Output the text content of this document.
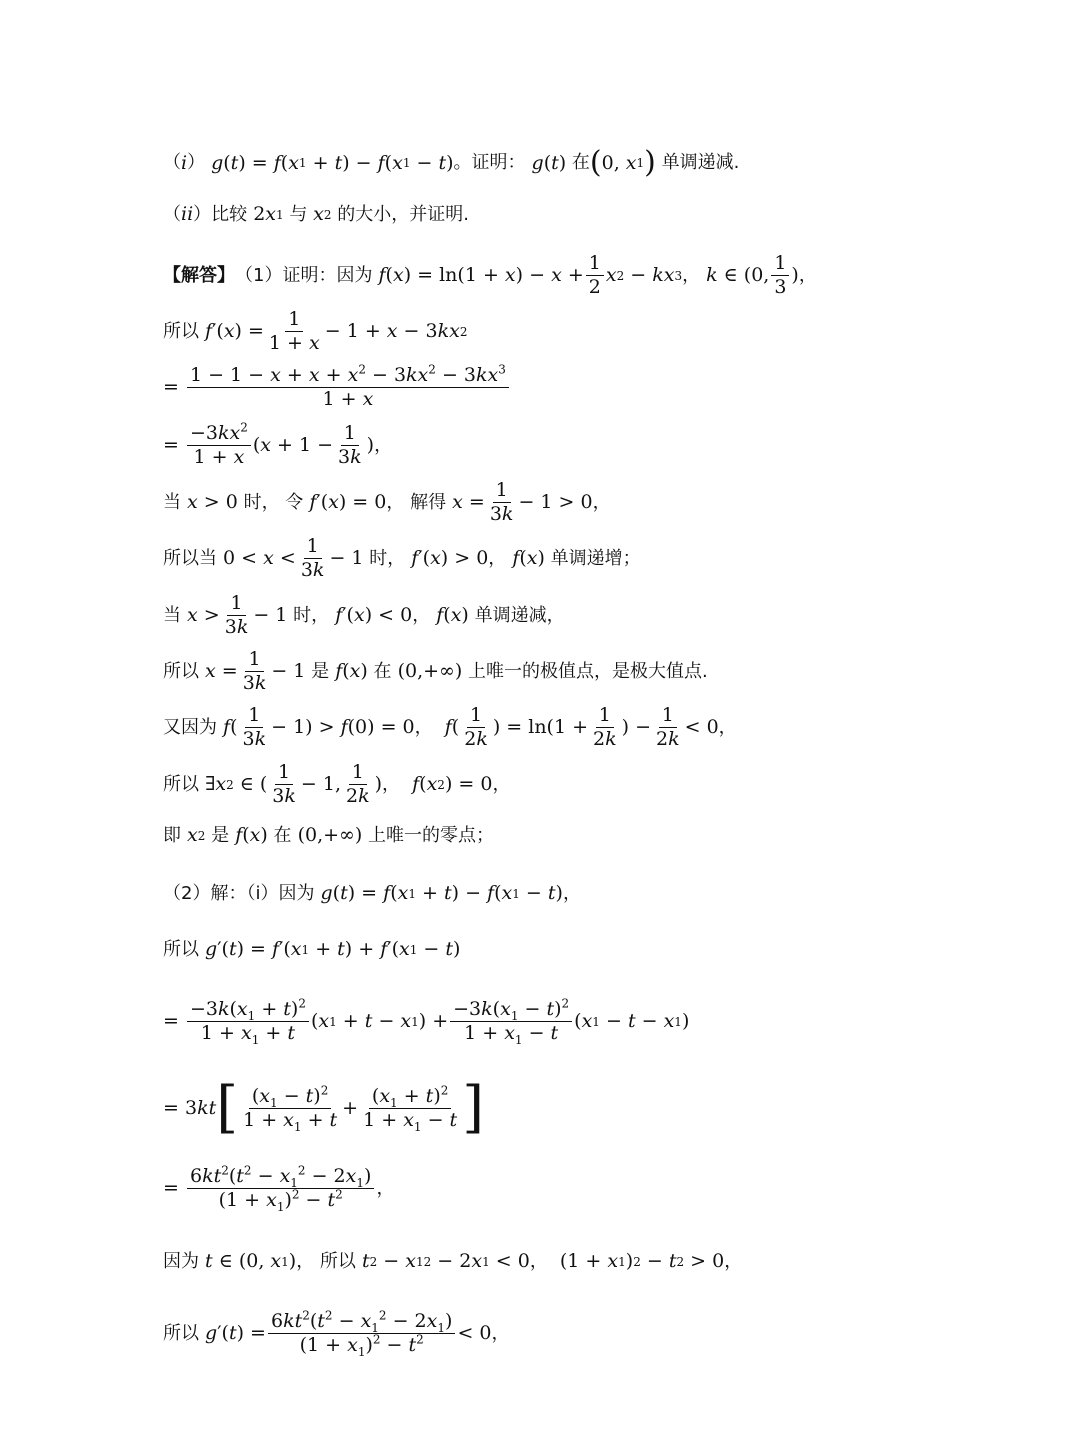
（ i ） g ( t ) = f ( x 1 + t ) − f ( x 1 − t ) 。证明： g ( t ) 在 ( 0, x 1 ) 单调递减.
（ ii ）比较 2 x 1 与 x 2 的大小，并证明.
【解答】 （1）证明：因为
f ( x ) = ln(1 + x ) − $x + \frac{1}{2}$ x 2 − kx 3 ，
k ∈ (0, $\frac{1}{3}$ ) ，
所以
f ′( x ) = $\frac{1}{1 + x} - 1 + x - 3$ kx 2
= $\frac{1 - 1 - x + x + x^2 - 3kx^2 - 3kx^3}{1 + x}$
= $\frac{-3kx^2}{1 + x}$ ( $x + 1 - \frac{1}{3k}$ ) ，
当
x > 0 时， 令
f ′( x ) = 0 ， 解得
$x = \frac{1}{3k} - 1 > 0$ ，
所以当 $0 < x < \frac{1}{3k} - 1$ 时，
f ′( x ) > 0 ，
f ( x ) 单调递增；
当
$x > \frac{1}{3k} - 1$ 时，
f ′( x ) < 0 ，
f ( x ) 单调递减，
所以
$x = \frac{1}{3k} - 1$ 是
f ( x ) 在 (0,+∞) 上唯一的极值点，是极大值点.
又因为
f ( $\frac{1}{3k} - 1) > f$ (0) = 0 ，
f ( $\frac{1}{2k}$ ) = $\ln(1 + \frac{1}{2k}$ ) − $\frac{1}{2k} < 0$ ，
所以 ∃ x 2 ∈ ( $\frac{1}{3k} - 1$, $\frac{1}{2k}$ ) ，
f ( x 2 ) = 0 ，
即
x 2 是
f ( x ) 在 (0,+∞) 上唯一的零点；
（2）解：（i）因为
g ( t ) = f ( x 1 + t ) − f ( x 1 − t ) ，
所以
g ′( t ) = f ′( x 1 + t ) + f ′( x 1 − t )
= $\frac{-3k(x_1 + t)^2}{1 + x_1 + t}$ ( x 1 + t − x 1 ) + $\frac{-3k(x_1 - t)^2}{1 + x_1 - t}$ ( x 1 − t − x 1 )
= 3 kt [ $\frac{(x_1 - t)^2}{1 + x_1 + t} + \frac{(x_1 + t)^2}{1 + x_1 - t}$ ]
= $\frac{6kt^2(t^2 - x_1^2 - 2x_1)}{(1 + x_1)^2 - t^2}$ ，
因为
t ∈ (0, x 1 ) ， 所以
t 2 − x 1 2 − 2 x 1 < 0 ， (1 + x 1 ) 2 − t 2 > 0 ，
所以
g ′( t ) = $\frac{6kt^2(t^2 - x_1^2 - 2x_1)}{(1 + x_1)^2 - t^2} < 0$ ，
